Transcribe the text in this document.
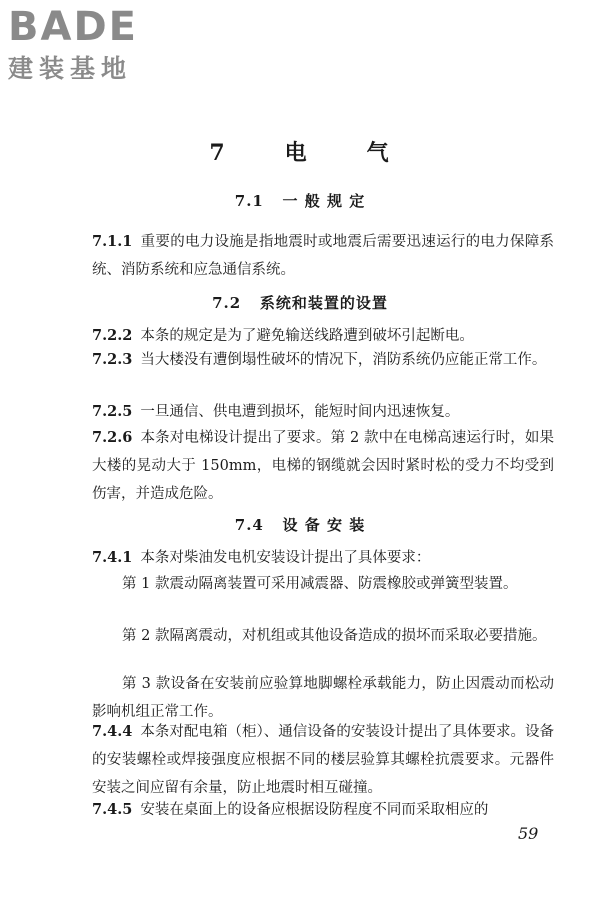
BADE
建装基地
7	电	气
7.1 一 般 规 定
7.1.1 重要的电力设施是指地震时或地震后需要迅速运行的电力保障系统、消防系统和应急通信系统。
7.2 系统和装置的设置
7.2.2 本条的规定是为了避免输送线路遭到破坏引起断电。
7.2.3 当大楼没有遭倒塌性破坏的情况下，消防系统仍应能正常工作。
7.2.5 一旦通信、供电遭到损坏，能短时间内迅速恢复。
7.2.6 本条对电梯设计提出了要求。第 2 款中在电梯高速运行时，如果大楼的晃动大于 150mm，电梯的钢缆就会因时紧时松的受力不均受到伤害，并造成危险。
7.4 设 备 安 装
7.4.1 本条对柴油发电机安装设计提出了具体要求：
第 1 款震动隔离装置可采用减震器、防震橡胶或弹簧型装置。
第 2 款隔离震动，对机组或其他设备造成的损坏而采取必要措施。
第 3 款设备在安装前应验算地脚螺栓承载能力，防止因震动而松动影响机组正常工作。
7.4.4 本条对配电箱（柜）、通信设备的安装设计提出了具体要求。设备的安装螺栓或焊接强度应根据不同的楼层验算其螺栓抗震要求。元器件安装之间应留有余量，防止地震时相互碰撞。
7.4.5 安装在桌面上的设备应根据设防程度不同而采取相应的
59
